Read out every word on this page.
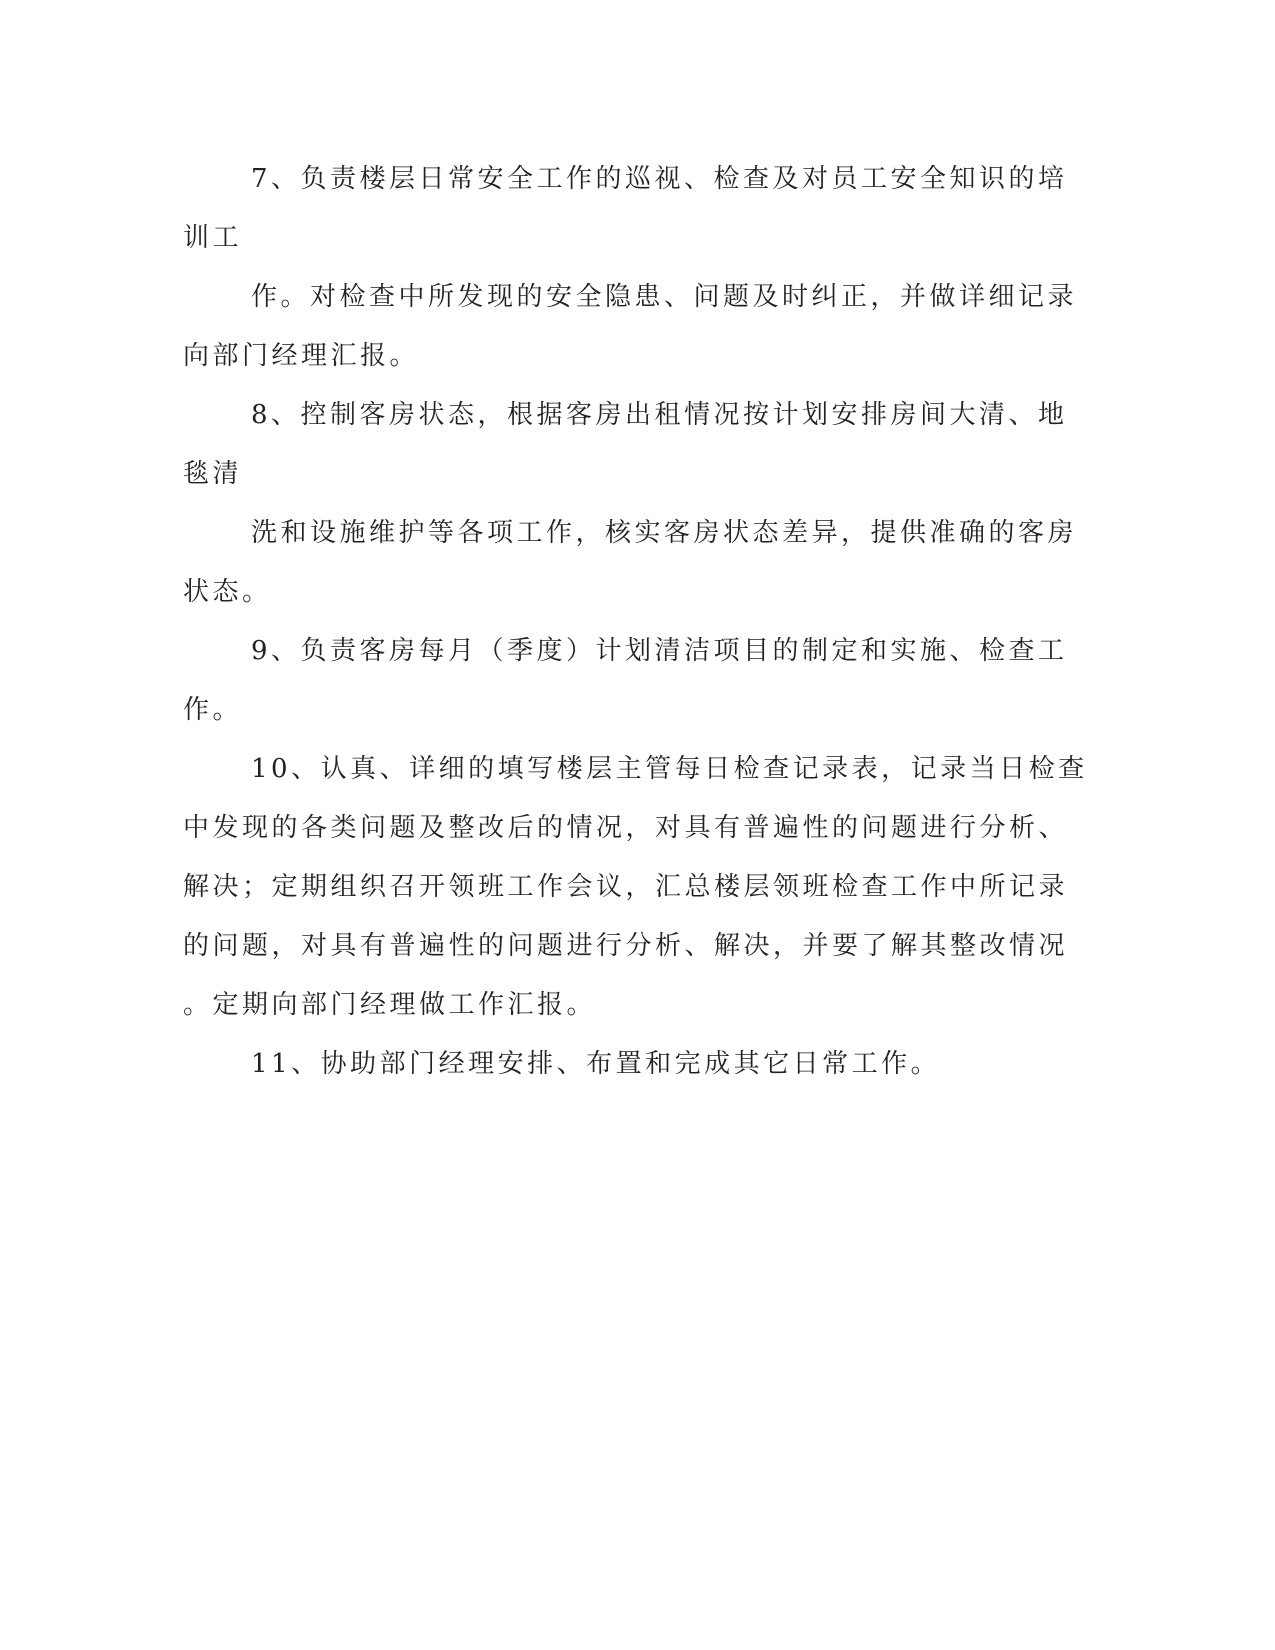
7、负责楼层日常安全工作的巡视、检查及对员工安全知识的培
训工
作。对检查中所发现的安全隐患、问题及时纠正，并做详细记录
向部门经理汇报。
8、控制客房状态，根据客房出租情况按计划安排房间大清、地
毯清
洗和设施维护等各项工作，核实客房状态差异，提供准确的客房
状态。
9、负责客房每月（季度）计划清洁项目的制定和实施、检查工
作。
10、认真、详细的填写楼层主管每日检查记录表，记录当日检查
中发现的各类问题及整改后的情况，对具有普遍性的问题进行分析、
解决；定期组织召开领班工作会议，汇总楼层领班检查工作中所记录
的问题，对具有普遍性的问题进行分析、解决，并要了解其整改情况
。定期向部门经理做工作汇报。
11、协助部门经理安排、布置和完成其它日常工作。
